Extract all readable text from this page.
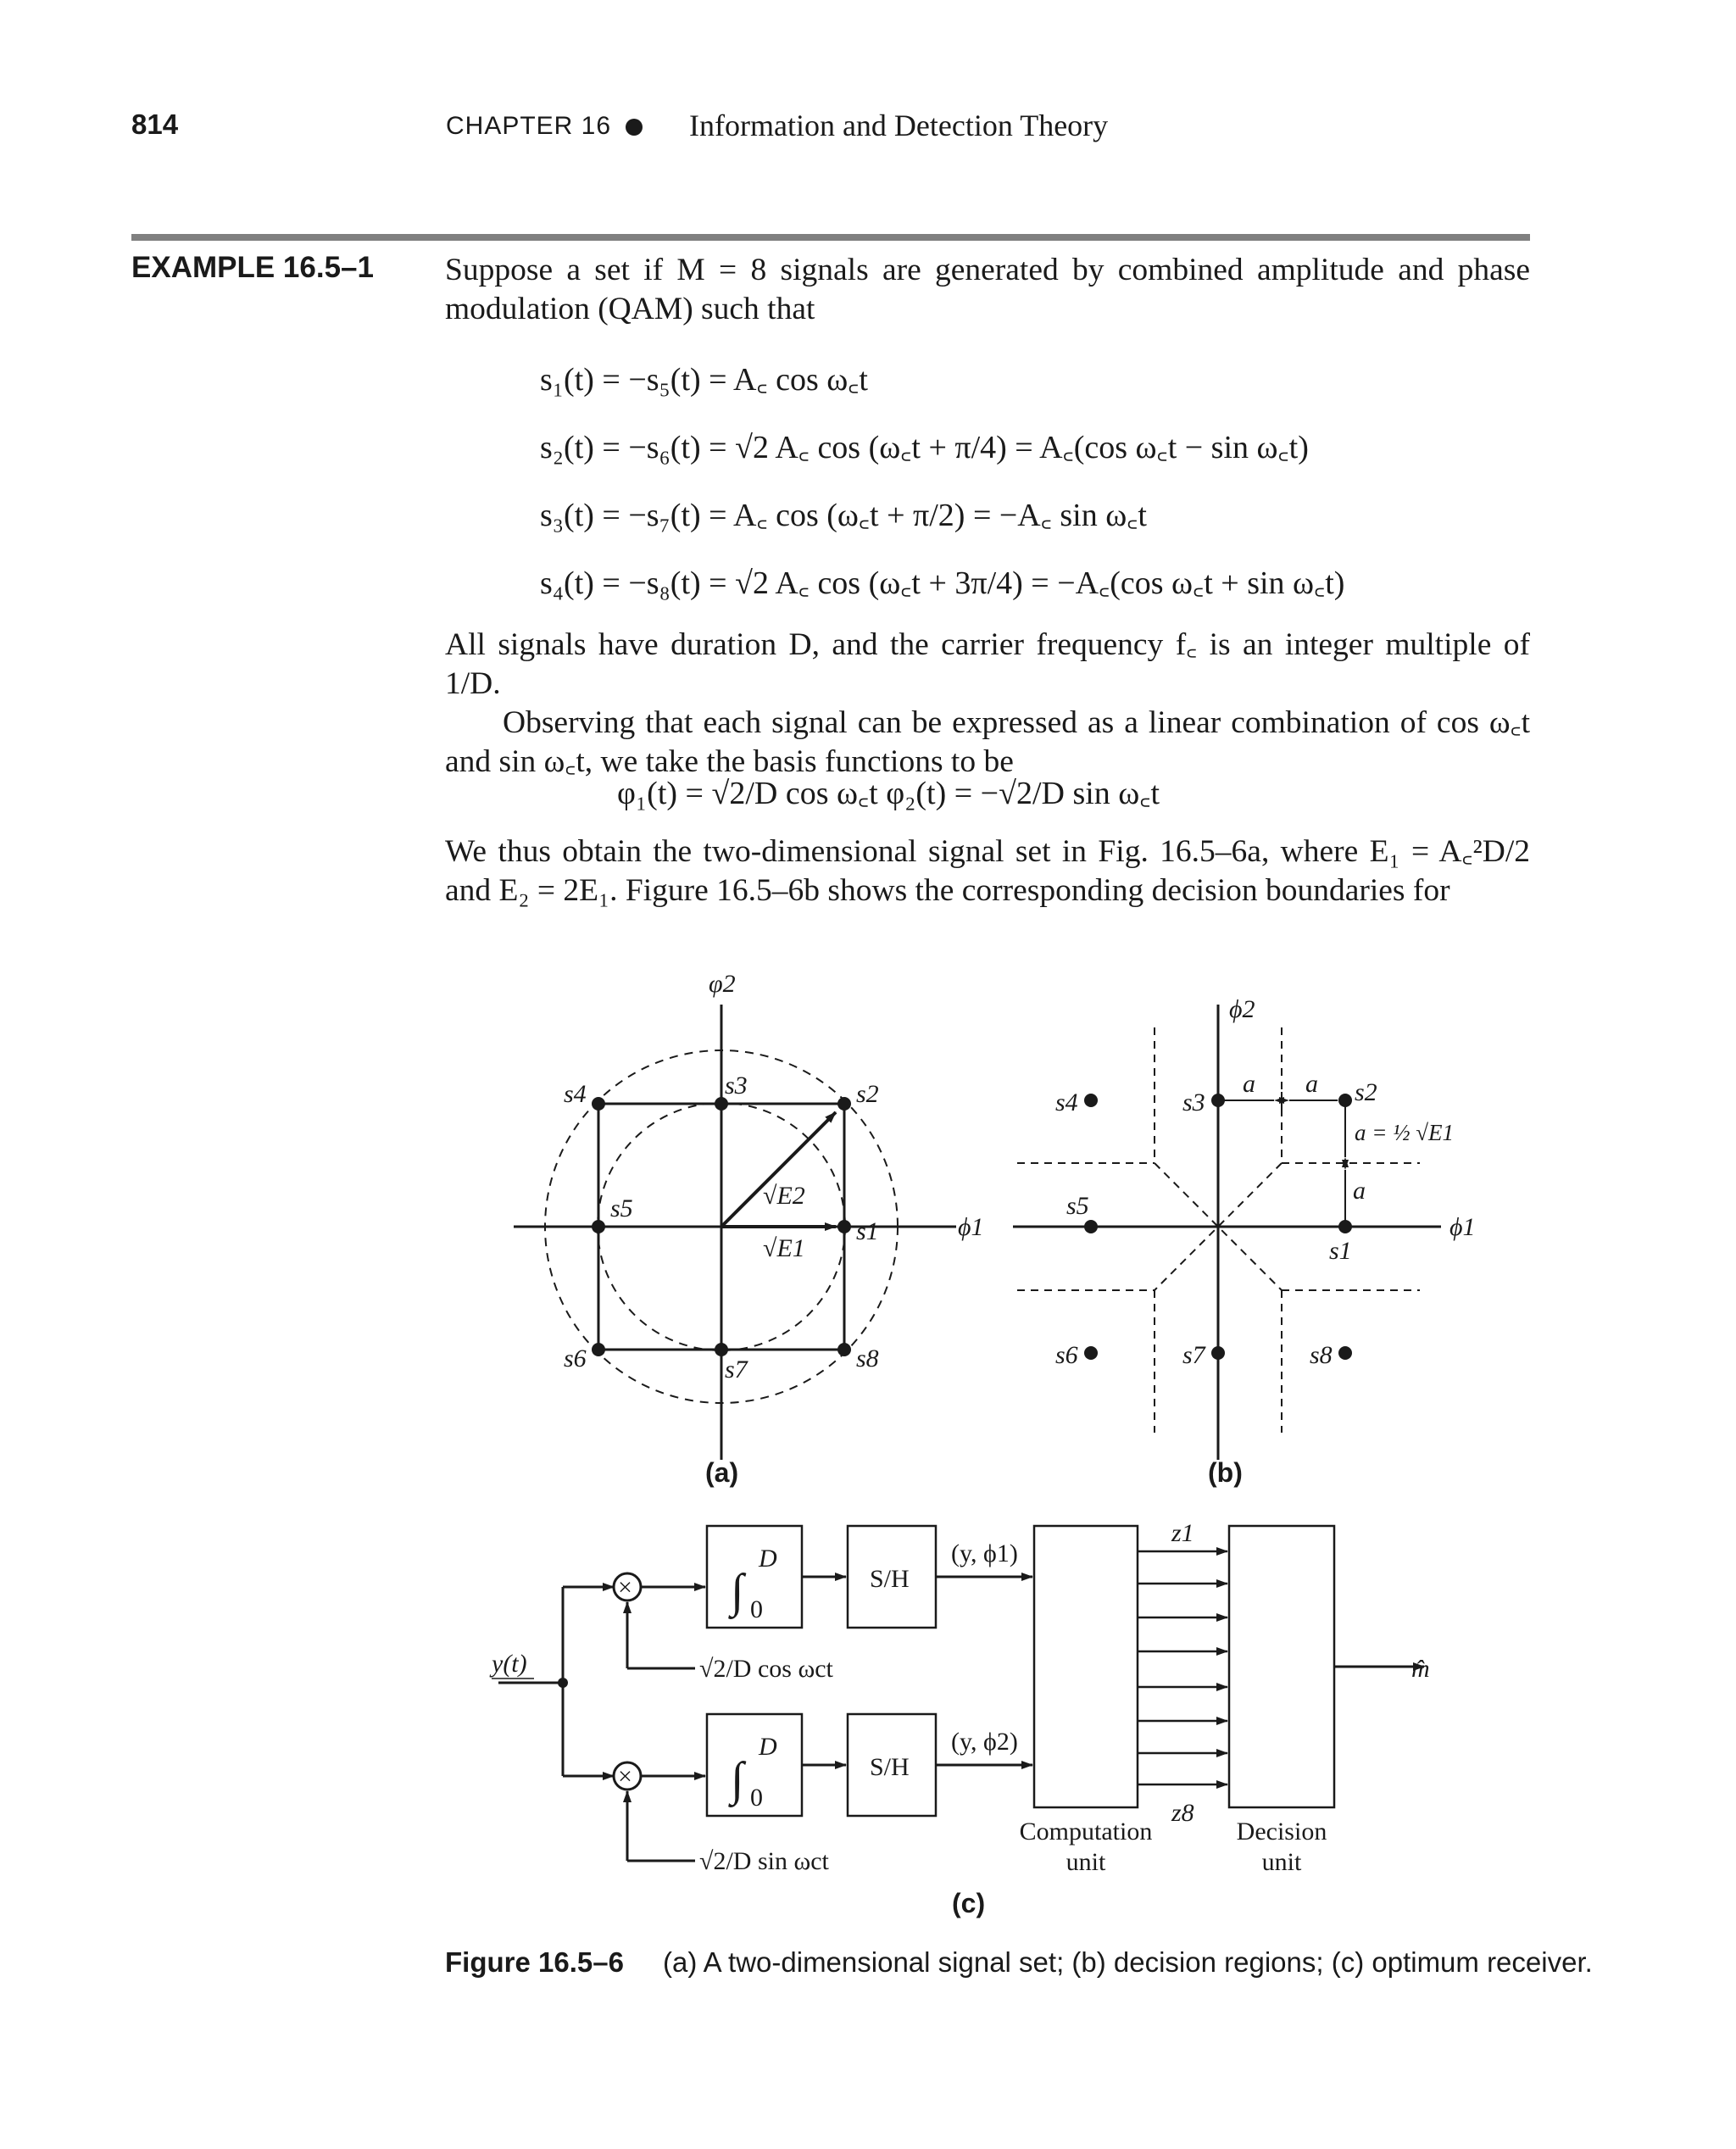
814	CHAPTER 16	Information and Detection Theory
EXAMPLE 16.5–1 Suppose a set if M = 8 signals are generated by combined amplitude and phase modulation (QAM) such that
s₁(t) = −s₅(t) = A꜀ cos ω꜀t
s₂(t) = −s₆(t) = √2 A꜀ cos (ω꜀t + π/4) = A꜀(cos ω꜀t − sin ω꜀t)
s₃(t) = −s₇(t) = A꜀ cos (ω꜀t + π/2) = −A꜀ sin ω꜀t
s₄(t) = −s₈(t) = √2 A꜀ cos (ω꜀t + 3π/4) = −A꜀(cos ω꜀t + sin ω꜀t)
All signals have duration D, and the carrier frequency f꜀ is an integer multiple of 1/D.
Observing that each signal can be expressed as a linear combination of cos ω꜀t and sin ω꜀t, we take the basis functions to be
φ₁(t) = √2/D cos ω꜀t φ₂(t) = −√2/D sin ω꜀t
We thus obtain the two-dimensional signal set in Fig. 16.5–6a, where E₁ = A꜀²D/2 and E₂ = 2E₁. Figure 16.5–6b shows the corresponding decision boundaries for
φ2
ϕ1
s1
s2
s3
s4
s5
s6	s7	s8
√E2
√E1
(a)
ϕ2
ϕ1
s1
s2
s3
s4
s5
s6	s7	s8
a a
a
a = ½ √E1
(b)
y(t)
×
×
√2/D cos ωct
√2/D sin ωct
∫
D
0
∫
D
0
S/H
S/H
(y, ϕ1)
(y, ϕ2)
z1
z8
Computation
unit
Decision
unit
m̂
(c)
Figure 16.5–6 (a) A two-dimensional signal set; (b) decision regions; (c) optimum receiver.
